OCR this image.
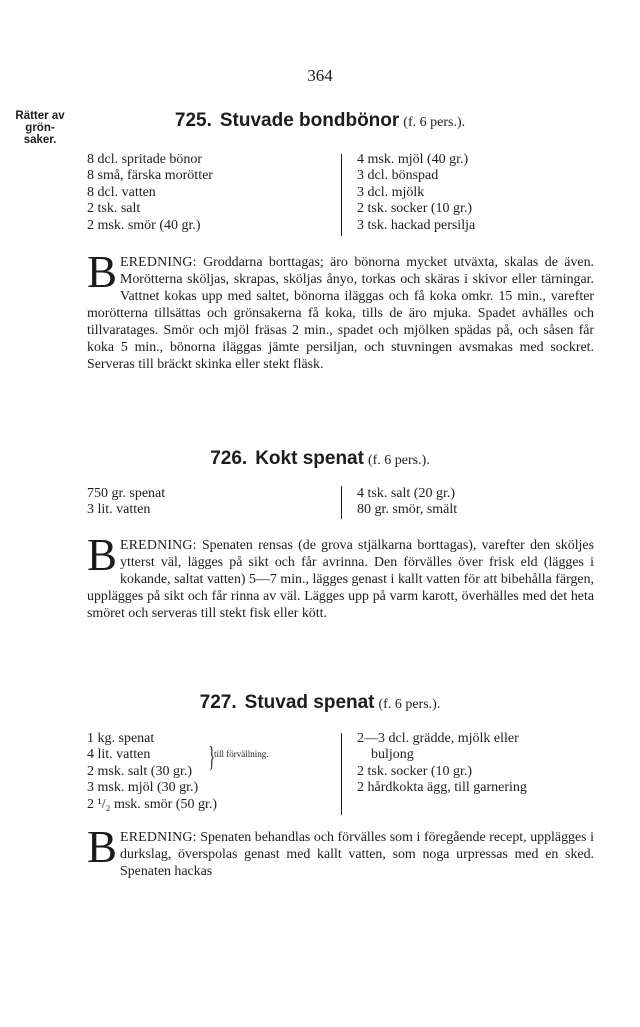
364
Rätter av
grön-
saker.
725. Stuvade bondbönor (f. 6 pers.).
8 dcl. spritade bönor
8 små, färska morötter
8 dcl. vatten
2 tsk. salt
2 msk. smör (40 gr.)
4 msk. mjöl (40 gr.)
3 dcl. bönspad
3 dcl. mjölk
2 tsk. socker (10 gr.)
3 tsk. hackad persilja

BEREDNING: Groddarna borttagas; äro bönorna mycket utväxta, skalas de även. Morötterna sköljas, skrapas, sköljas ånyo, torkas och skäras i skivor eller tärningar. Vattnet kokas upp med saltet, bönorna iläggas och få koka omkr. 15 min., varefter morötterna tillsättas och grönsakerna få koka, tills de äro mjuka. Spadet avhälles och tillvaratages. Smör och mjöl fräsas 2 min., spadet och mjölken spädas på, och såsen får koka 5 min., bönorna iläggas jämte persiljan, och stuvningen avsmakas med sockret. Serveras till bräckt skinka eller stekt fläsk.

726. Kokt spenat (f. 6 pers.).
750 gr. spenat
3 lit. vatten
4 tsk. salt (20 gr.)
80 gr. smör, smält

BEREDNING: Spenaten rensas (de grova stjälkarna borttagas), varefter den sköljes ytterst väl, lägges på sikt och får avrinna. Den förvälles över frisk eld (lägges i kokande, saltat vatten) 5—7 min., lägges genast i kallt vatten för att bibehålla färgen, upplägges på sikt och får rinna av väl. Lägges upp på varm karott, överhälles med det heta smöret och serveras till stekt fisk eller kött.

727. Stuvad spenat (f. 6 pers.).
1 kg. spenat
4 lit. vatten
2 msk. salt (30 gr.)
3 msk. mjöl (30 gr.)
2 ¹/₂ msk. smör (50 gr.)
}
till förvällning.
2—3 dcl. grädde, mjölk eller
buljong
2 tsk. socker (10 gr.)
2 hårdkokta ägg, till garnering

BEREDNING: Spenaten behandlas och förvälles som i föregående recept, upplägges i durkslag, överspolas genast med kallt vatten, som noga urpressas med en sked. Spenaten hackas
